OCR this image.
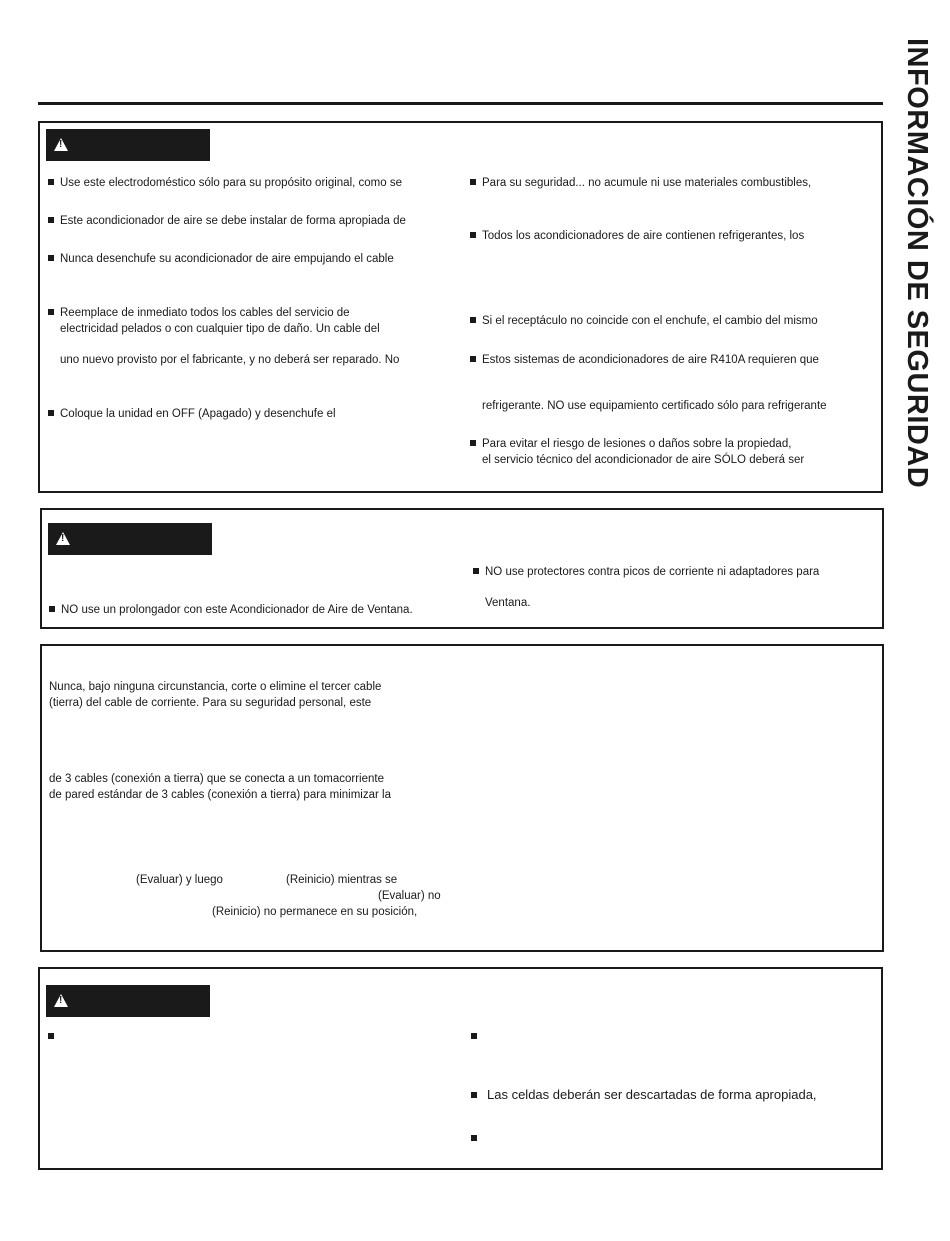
INFORMACIÓN DE SEGURIDAD
!
Use este electrodoméstico sólo para su propósito original, como se
Este acondicionador de aire se debe instalar de forma apropiada de
Nunca desenchufe su acondicionador de aire empujando el cable
Reemplace de inmediato todos los cables del servicio de
electricidad pelados o con cualquier tipo de daño. Un cable del
uno nuevo provisto por el fabricante, y no deberá ser reparado. No
Coloque la unidad en OFF (Apagado) y desenchufe el
Para su seguridad... no acumule ni use materiales combustibles,
Todos los acondicionadores de aire contienen refrigerantes, los
Si el receptáculo no coincide con el enchufe, el cambio del mismo
Estos sistemas de acondicionadores de aire R410A requieren que
refrigerante. NO use equipamiento certificado sólo para refrigerante
Para evitar el riesgo de lesiones o daños sobre la propiedad,
el servicio técnico del acondicionador de aire SÓLO deberá ser
!
NO use un prolongador con este Acondicionador de Aire de Ventana.
NO use protectores contra picos de corriente ni adaptadores para
Ventana.
Nunca, bajo ninguna circunstancia, corte o elimine el tercer cable
(tierra) del cable de corriente. Para su seguridad personal, este
de 3 cables (conexión a tierra) que se conecta a un tomacorriente
de pared estándar de 3 cables (conexión a tierra) para minimizar la
(Evaluar) y luego	(Reinicio) mientras se
(Evaluar) no
(Reinicio) no permanece en su posición,
!
Las celdas deberán ser descartadas de forma apropiada,
